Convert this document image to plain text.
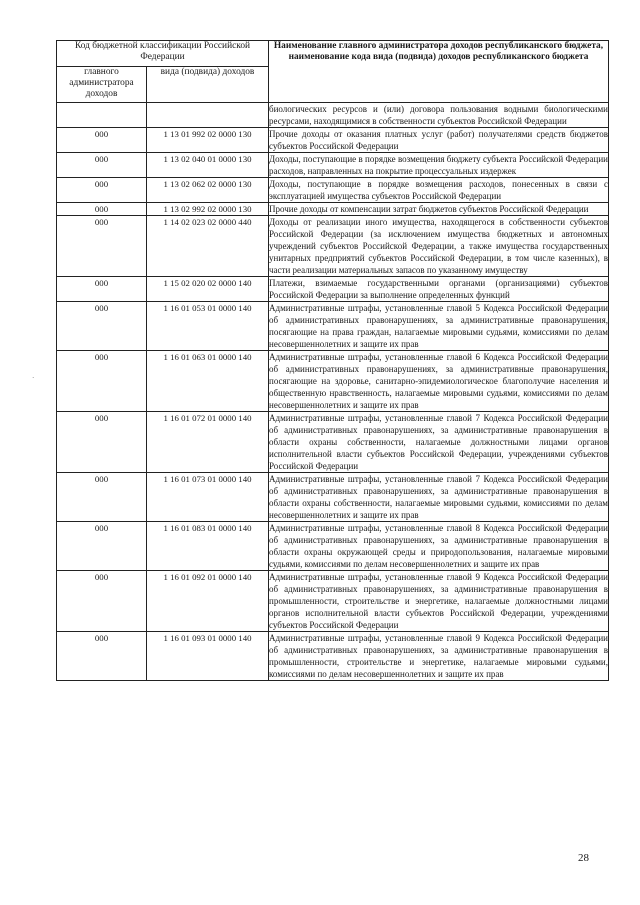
Код бюджетной классификации Российской Федерации		Наименование главного администратора доходов республиканского бюджета, наименование кода вида (подвида) доходов республиканского бюджета
главного администратора доходов	вида (подвида) доходов	
		биологических ресурсов и (или) договора пользования водными биологическими ресурсами, находящимися в собственности субъектов Российской Федерации
000	1 13 01 992 02 0000 130	Прочие доходы от оказания платных услуг (работ) получателями средств бюджетов субъектов Российской Федерации
000	1 13 02 040 01 0000 130	Доходы, поступающие в порядке возмещения бюджету субъекта Российской Федерации расходов, направленных на покрытие процессуальных издержек
000	1 13 02 062 02 0000 130	Доходы, поступающие в порядке возмещения расходов, понесенных в связи с эксплуатацией имущества субъектов Российской Федерации
000	1 13 02 992 02 0000 130	Прочие доходы от компенсации затрат бюджетов субъектов Российской Федерации
000	1 14 02 023 02 0000 440	Доходы от реализации иного имущества, находящегося в собственности субъектов Российской Федерации (за исключением имущества бюджетных и автономных учреждений субъектов Российской Федерации, а также имущества государственных унитарных предприятий субъектов Российской Федерации, в том числе казенных), в части реализации материальных запасов по указанному имуществу
000	1 15 02 020 02 0000 140	Платежи, взимаемые государственными органами (организациями) субъектов Российской Федерации за выполнение определенных функций
000	1 16 01 053 01 0000 140	Административные штрафы, установленные главой 5 Кодекса Российской Федерации об административных правонарушениях, за административные правонарушения, посягающие на права граждан, налагаемые мировыми судьями, комиссиями по делам несовершеннолетних и защите их прав
000	1 16 01 063 01 0000 140	Административные штрафы, установленные главой 6 Кодекса Российской Федерации об административных правонарушениях, за административные правонарушения, посягающие на здоровье, санитарно-эпидемиологическое благополучие населения и общественную нравственность, налагаемые мировыми судьями, комиссиями по делам несовершеннолетних и защите их прав
000	1 16 01 072 01 0000 140	Административные штрафы, установленные главой 7 Кодекса Российской Федерации об административных правонарушениях, за административные правонарушения в области охраны собственности, налагаемые должностными лицами органов исполнительной власти субъектов Российской Федерации, учреждениями субъектов Российской Федерации
000	1 16 01 073 01 0000 140	Административные штрафы, установленные главой 7 Кодекса Российской Федерации об административных правонарушениях, за административные правонарушения в области охраны собственности, налагаемые мировыми судьями, комиссиями по делам несовершеннолетних и защите их прав
000	1 16 01 083 01 0000 140	Административные штрафы, установленные главой 8 Кодекса Российской Федерации об административных правонарушениях, за административные правонарушения в области охраны окружающей среды и природопользования, налагаемые мировыми судьями, комиссиями по делам несовершеннолетних и защите их прав
000	1 16 01 092 01 0000 140	Административные штрафы, установленные главой 9 Кодекса Российской Федерации об административных правонарушениях, за административные правонарушения в промышленности, строительстве и энергетике, налагаемые должностными лицами органов исполнительной власти субъектов Российской Федерации, учреждениями субъектов Российской Федерации
000	1 16 01 093 01 0000 140	Административные штрафы, установленные главой 9 Кодекса Российской Федерации об административных правонарушениях, за административные правонарушения в промышленности, строительстве и энергетике, налагаемые мировыми судьями, комиссиями по делам несовершеннолетних и защите их прав
·
28
